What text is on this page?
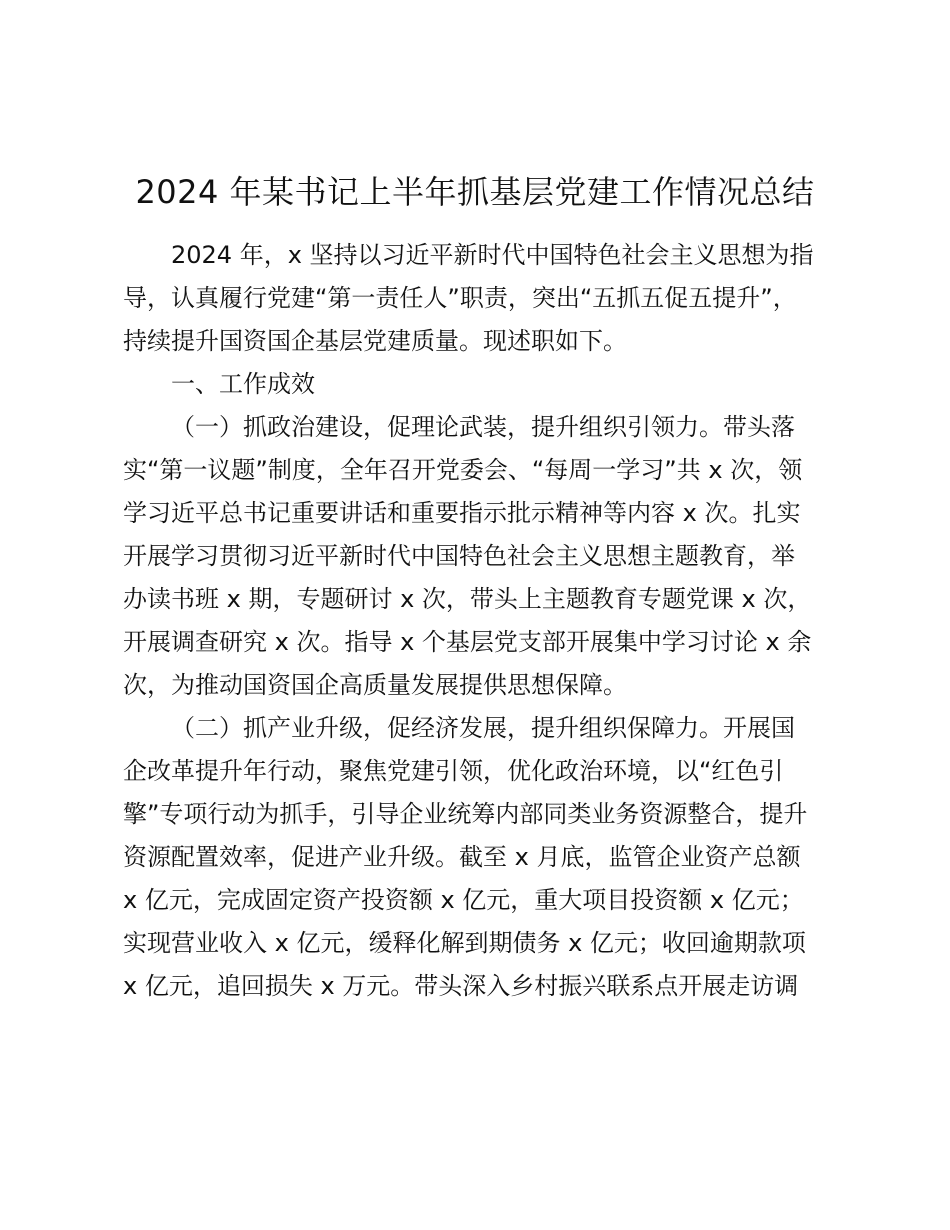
2024 年某书记上半年抓基层党建工作情况总结
2024 年，x 坚持以习近平新时代中国特色社会主义思想为指
导，认真履行党建“第一责任人”职责，突出“五抓五促五提升”，
持续提升国资国企基层党建质量。现述职如下。
一、工作成效
（一）抓政治建设，促理论武装，提升组织引领力。带头落
实“第一议题”制度，全年召开党委会、“每周一学习”共 x 次，领
学习近平总书记重要讲话和重要指示批示精神等内容 x 次。扎实
开展学习贯彻习近平新时代中国特色社会主义思想主题教育，举
办读书班 x 期，专题研讨 x 次，带头上主题教育专题党课 x 次，
开展调查研究 x 次。指导 x 个基层党支部开展集中学习讨论 x 余
次，为推动国资国企高质量发展提供思想保障。
（二）抓产业升级，促经济发展，提升组织保障力。开展国
企改革提升年行动，聚焦党建引领，优化政治环境，以“红色引
擎”专项行动为抓手，引导企业统筹内部同类业务资源整合，提升
资源配置效率，促进产业升级。截至 x 月底，监管企业资产总额
x 亿元，完成固定资产投资额 x 亿元，重大项目投资额 x 亿元；
实现营业收入 x 亿元，缓释化解到期债务 x 亿元；收回逾期款项
x 亿元，追回损失 x 万元。带头深入乡村振兴联系点开展走访调
